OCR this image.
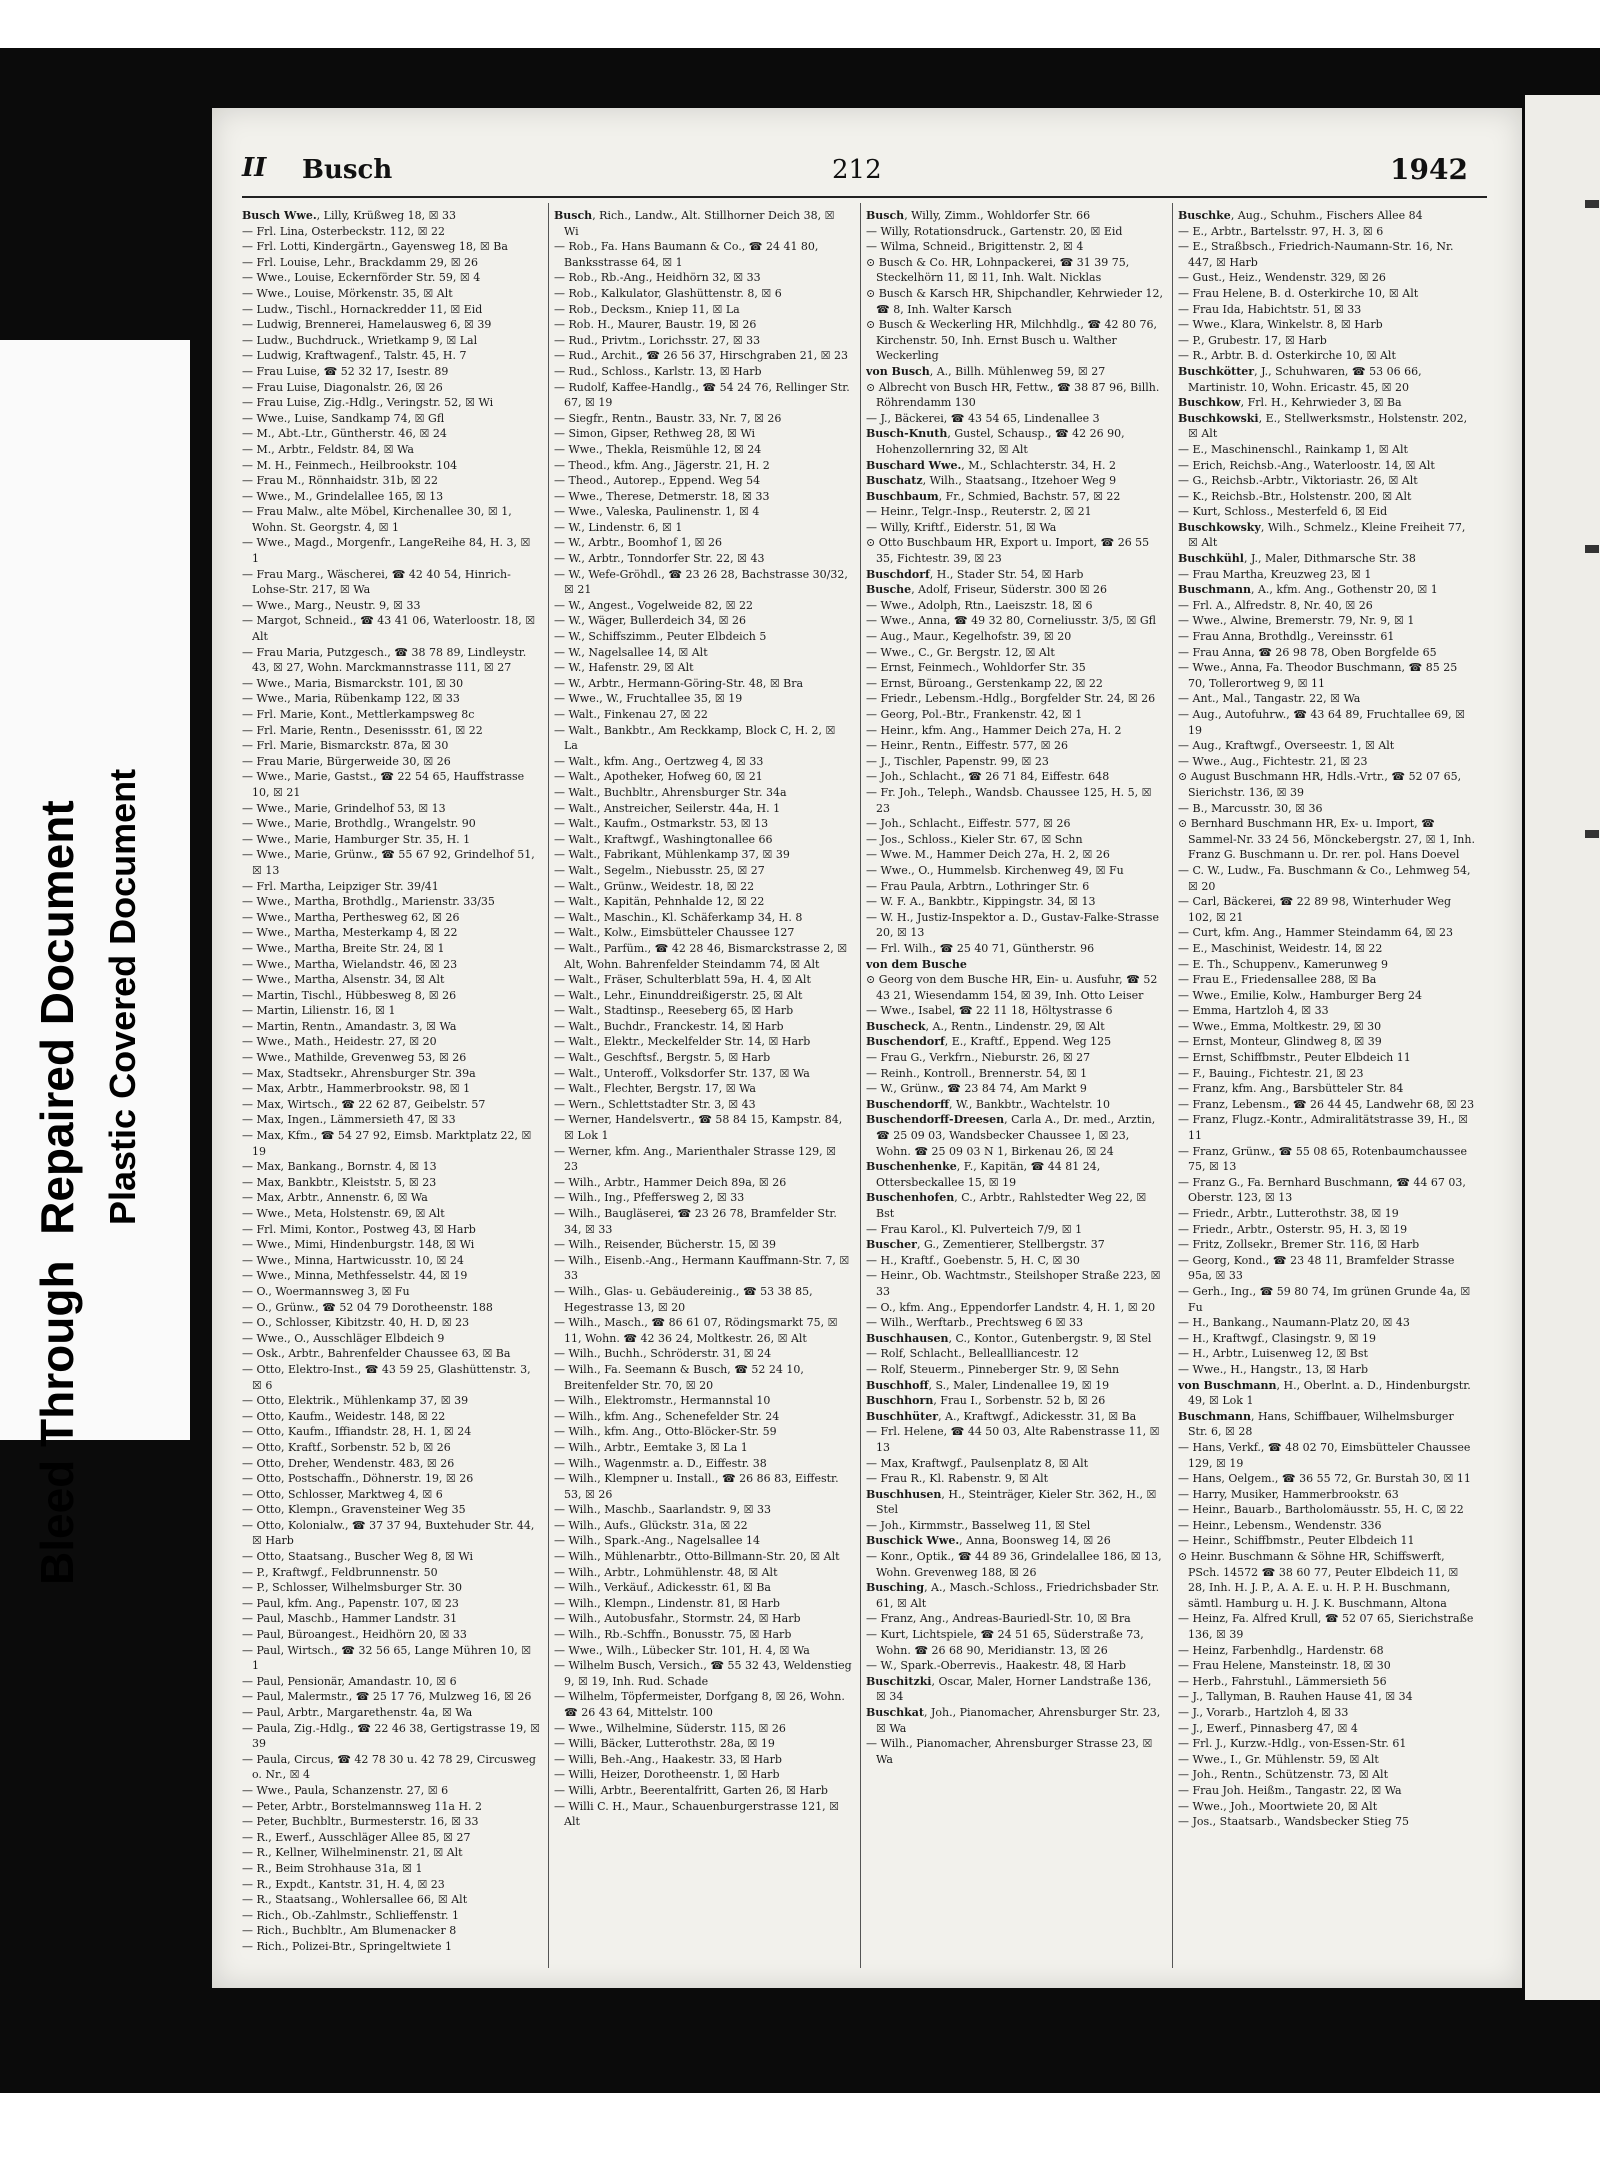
Bleed Through  Repaired Document Plastic Covered Document
II Busch	212	1942

Busch Wwe., Lilly, Krüßweg 18, ☒ 33

— Frl. Lina, Osterbeckstr. 112, ☒ 22

— Frl. Lotti, Kindergärtn., Gayensweg 18, ☒ Ba

— Frl. Louise, Lehr., Brackdamm 29, ☒ 26

— Wwe., Louise, Eckernförder Str. 59, ☒ 4

— Wwe., Louise, Mörkenstr. 35, ☒ Alt

— Ludw., Tischl., Hornackredder 11, ☒ Eid

— Ludwig, Brennerei, Hamelausweg 6, ☒ 39

— Ludw., Buchdruck., Wrietkamp 9, ☒ Lal

— Ludwig, Kraftwagenf., Talstr. 45, H. 7

— Frau Luise, ☎ 52 32 17, Isestr. 89

— Frau Luise, Diagonalstr. 26, ☒ 26

— Frau Luise, Zig.-Hdlg., Veringstr. 52, ☒ Wi

— Wwe., Luise, Sandkamp 74, ☒ Gfl

— M., Abt.-Ltr., Güntherstr. 46, ☒ 24

— M., Arbtr., Feldstr. 84, ☒ Wa

— M. H., Feinmech., Heilbrookstr. 104

— Frau M., Rönnhaidstr. 31b, ☒ 22

— Wwe., M., Grindelallee 165, ☒ 13

— Frau Malw., alte Möbel, Kirchenallee 30, ☒ 1, Wohn. St. Georgstr. 4, ☒ 1

— Wwe., Magd., Morgenfr., LangeReihe 84, H. 3, ☒ 1

— Frau Marg., Wäscherei, ☎ 42 40 54, Hinrich-Lohse-Str. 217, ☒ Wa

— Wwe., Marg., Neustr. 9, ☒ 33

— Margot, Schneid., ☎ 43 41 06, Waterloostr. 18, ☒ Alt

— Frau Maria, Putzgesch., ☎ 38 78 89, Lindleystr. 43, ☒ 27, Wohn. Marckmannstrasse 111, ☒ 27

— Wwe., Maria, Bismarckstr. 101, ☒ 30

— Wwe., Maria, Rübenkamp 122, ☒ 33

— Frl. Marie, Kont., Mettlerkampsweg 8c

— Frl. Marie, Rentn., Desenissstr. 61, ☒ 22

— Frl. Marie, Bismarckstr. 87a, ☒ 30

— Frau Marie, Bürgerweide 30, ☒ 26

— Wwe., Marie, Gastst., ☎ 22 54 65, Hauffstrasse 10, ☒ 21

— Wwe., Marie, Grindelhof 53, ☒ 13

— Wwe., Marie, Brothdlg., Wrangelstr. 90

— Wwe., Marie, Hamburger Str. 35, H. 1

— Wwe., Marie, Grünw., ☎ 55 67 92, Grindelhof 51, ☒ 13

— Frl. Martha, Leipziger Str. 39/41

— Wwe., Martha, Brothdlg., Marienstr. 33/35

— Wwe., Martha, Perthesweg 62, ☒ 26

— Wwe., Martha, Mesterkamp 4, ☒ 22

— Wwe., Martha, Breite Str. 24, ☒ 1

— Wwe., Martha, Wielandstr. 46, ☒ 23

— Wwe., Martha, Alsenstr. 34, ☒ Alt

— Martin, Tischl., Hübbesweg 8, ☒ 26

— Martin, Lilienstr. 16, ☒ 1

— Martin, Rentn., Amandastr. 3, ☒ Wa

— Wwe., Math., Heidestr. 27, ☒ 20

— Wwe., Mathilde, Grevenweg 53, ☒ 26

— Max, Stadtsekr., Ahrensburger Str. 39a

— Max, Arbtr., Hammerbrookstr. 98, ☒ 1

— Max, Wirtsch., ☎ 22 62 87, Geibelstr. 57

— Max, Ingen., Lämmersieth 47, ☒ 33

— Max, Kfm., ☎ 54 27 92, Eimsb. Marktplatz 22, ☒ 19

— Max, Bankang., Bornstr. 4, ☒ 13

— Max, Bankbtr., Kleiststr. 5, ☒ 23

— Max, Arbtr., Annenstr. 6, ☒ Wa

— Wwe., Meta, Holstenstr. 69, ☒ Alt

— Frl. Mimi, Kontor., Postweg 43, ☒ Harb

— Wwe., Mimi, Hindenburgstr. 148, ☒ Wi

— Wwe., Minna, Hartwicusstr. 10, ☒ 24

— Wwe., Minna, Methfesselstr. 44, ☒ 19

— O., Woermannsweg 3, ☒ Fu

— O., Grünw., ☎ 52 04 79 Dorotheenstr. 188

— O., Schlosser, Kibitzstr. 40, H. D, ☒ 23

— Wwe., O., Ausschläger Elbdeich 9

— Osk., Arbtr., Bahrenfelder Chaussee 63, ☒ Ba

— Otto, Elektro-Inst., ☎ 43 59 25, Glashüttenstr. 3, ☒ 6

— Otto, Elektrik., Mühlenkamp 37, ☒ 39

— Otto, Kaufm., Weidestr. 148, ☒ 22

— Otto, Kaufm., Iffiandstr. 28, H. 1, ☒ 24

— Otto, Kraftf., Sorbenstr. 52 b, ☒ 26

— Otto, Dreher, Wendenstr. 483, ☒ 26

— Otto, Postschaffn., Döhnerstr. 19, ☒ 26

— Otto, Schlosser, Marktweg 4, ☒ 6

— Otto, Klempn., Gravensteiner Weg 35

— Otto, Kolonialw., ☎ 37 37 94, Buxtehuder Str. 44, ☒ Harb

— Otto, Staatsang., Buscher Weg 8, ☒ Wi

— P., Kraftwgf., Feldbrunnenstr. 50

— P., Schlosser, Wilhelmsburger Str. 30

— Paul, kfm. Ang., Papenstr. 107, ☒ 23

— Paul, Maschb., Hammer Landstr. 31

— Paul, Büroangest., Heidhörn 20, ☒ 33

— Paul, Wirtsch., ☎ 32 56 65, Lange Mühren 10, ☒ 1

— Paul, Pensionär, Amandastr. 10, ☒ 6

— Paul, Malermstr., ☎ 25 17 76, Mulzweg 16, ☒ 26

— Paul, Arbtr., Margarethenstr. 4a, ☒ Wa

— Paula, Zig.-Hdlg., ☎ 22 46 38, Gertigstrasse 19, ☒ 39

— Paula, Circus, ☎ 42 78 30 u. 42 78 29, Circusweg o. Nr., ☒ 4

— Wwe., Paula, Schanzenstr. 27, ☒ 6

— Peter, Arbtr., Borstelmannsweg 11a H. 2

— Peter, Buchbltr., Burmesterstr. 16, ☒ 33

— R., Ewerf., Ausschläger Allee 85, ☒ 27

— R., Kellner, Wilhelminenstr. 21, ☒ Alt

— R., Beim Strohhause 31a, ☒ 1

— R., Expdt., Kantstr. 31, H. 4, ☒ 23

— R., Staatsang., Wohlersallee 66, ☒ Alt

— Rich., Ob.-Zahlmstr., Schlieffenstr. 1

— Rich., Buchbltr., Am Blumenacker 8

— Rich., Polizei-Btr., Springeltwiete 1

Busch, Rich., Landw., Alt. Stillhorner Deich 38, ☒ Wi

— Rob., Fa. Hans Baumann & Co., ☎ 24 41 80, Banksstrasse 64, ☒ 1

— Rob., Rb.-Ang., Heidhörn 32, ☒ 33

— Rob., Kalkulator, Glashüttenstr. 8, ☒ 6

— Rob., Decksm., Kniep 11, ☒ La

— Rob. H., Maurer, Baustr. 19, ☒ 26

— Rud., Privtm., Lorichsstr. 27, ☒ 33

— Rud., Archit., ☎ 26 56 37, Hirschgraben 21, ☒ 23

— Rud., Schloss., Karlstr. 13, ☒ Harb

— Rudolf, Kaffee-Handlg., ☎ 54 24 76, Rellinger Str. 67, ☒ 19

— Siegfr., Rentn., Baustr. 33, Nr. 7, ☒ 26

— Simon, Gipser, Rethweg 28, ☒ Wi

— Wwe., Thekla, Reismühle 12, ☒ 24

— Theod., kfm. Ang., Jägerstr. 21, H. 2

— Theod., Autorep., Eppend. Weg 54

— Wwe., Therese, Detmerstr. 18, ☒ 33

— Wwe., Valeska, Paulinenstr. 1, ☒ 4

— W., Lindenstr. 6, ☒ 1

— W., Arbtr., Boomhof 1, ☒ 26

— W., Arbtr., Tonndorfer Str. 22, ☒ 43

— W., Wefe-Gröhdl., ☎ 23 26 28, Bachstrasse 30/32, ☒ 21

— W., Angest., Vogelweide 82, ☒ 22

— W., Wäger, Bullerdeich 34, ☒ 26

— W., Schiffszimm., Peuter Elbdeich 5

— W., Nagelsallee 14, ☒ Alt

— W., Hafenstr. 29, ☒ Alt

— W., Arbtr., Hermann-Göring-Str. 48, ☒ Bra

— Wwe., W., Fruchtallee 35, ☒ 19

— Walt., Finkenau 27, ☒ 22

— Walt., Bankbtr., Am Reckkamp, Block C, H. 2, ☒ La

— Walt., kfm. Ang., Oertzweg 4, ☒ 33

— Walt., Apotheker, Hofweg 60, ☒ 21

— Walt., Buchbltr., Ahrensburger Str. 34a

— Walt., Anstreicher, Seilerstr. 44a, H. 1

— Walt., Kaufm., Ostmarkstr. 53, ☒ 13

— Walt., Kraftwgf., Washingtonallee 66

— Walt., Fabrikant, Mühlenkamp 37, ☒ 39

— Walt., Segelm., Niebusstr. 25, ☒ 27

— Walt., Grünw., Weidestr. 18, ☒ 22

— Walt., Kapitän, Pehnhalde 12, ☒ 22

— Walt., Maschin., Kl. Schäferkamp 34, H. 8

— Walt., Kolw., Eimsbütteler Chaussee 127

— Walt., Parfüm., ☎ 42 28 46, Bismarckstrasse 2, ☒ Alt, Wohn. Bahrenfelder Steindamm 74, ☒ Alt

— Walt., Fräser, Schulterblatt 59a, H. 4, ☒ Alt

— Walt., Lehr., Einunddreißigerstr. 25, ☒ Alt

— Walt., Stadtinsp., Reeseberg 65, ☒ Harb

— Walt., Buchdr., Franckestr. 14, ☒ Harb

— Walt., Elektr., Meckelfelder Str. 14, ☒ Harb

— Walt., Geschftsf., Bergstr. 5, ☒ Harb

— Walt., Unteroff., Volksdorfer Str. 137, ☒ Wa

— Walt., Flechter, Bergstr. 17, ☒ Wa

— Wern., Schlettstadter Str. 3, ☒ 43

— Werner, Handelsvertr., ☎ 58 84 15, Kampstr. 84, ☒ Lok 1

— Werner, kfm. Ang., Marienthaler Strasse 129, ☒ 23

— Wilh., Arbtr., Hammer Deich 89a, ☒ 26

— Wilh., Ing., Pfeffersweg 2, ☒ 33

— Wilh., Baugläserei, ☎ 23 26 78, Bramfelder Str. 34, ☒ 33

— Wilh., Reisender, Bücherstr. 15, ☒ 39

— Wilh., Eisenb.-Ang., Hermann Kauffmann-Str. 7, ☒ 33

— Wilh., Glas- u. Gebäudereinig., ☎ 53 38 85, Hegestrasse 13, ☒ 20

— Wilh., Masch., ☎ 86 61 07, Rödingsmarkt 75, ☒ 11, Wohn. ☎ 42 36 24, Moltkestr. 26, ☒ Alt

— Wilh., Buchh., Schröderstr. 31, ☒ 24

— Wilh., Fa. Seemann & Busch, ☎ 52 24 10, Breitenfelder Str. 70, ☒ 20

— Wilh., Elektromstr., Hermannstal 10

— Wilh., kfm. Ang., Schenefelder Str. 24

— Wilh., kfm. Ang., Otto-Blöcker-Str. 59

— Wilh., Arbtr., Eemtake 3, ☒ La 1

— Wilh., Wagenmstr. a. D., Eiffestr. 38

— Wilh., Klempner u. Install., ☎ 26 86 83, Eiffestr. 53, ☒ 26

— Wilh., Maschb., Saarlandstr. 9, ☒ 33

— Wilh., Aufs., Glückstr. 31a, ☒ 22

— Wilh., Spark.-Ang., Nagelsallee 14

— Wilh., Mühlenarbtr., Otto-Billmann-Str. 20, ☒ Alt

— Wilh., Arbtr., Lohmühlenstr. 48, ☒ Alt

— Wilh., Verkäuf., Adickesstr. 61, ☒ Ba

— Wilh., Klempn., Lindenstr. 81, ☒ Harb

— Wilh., Autobusfahr., Stormstr. 24, ☒ Harb

— Wilh., Rb.-Schffn., Bonusstr. 75, ☒ Harb

— Wwe., Wilh., Lübecker Str. 101, H. 4, ☒ Wa

— Wilhelm Busch, Versich., ☎ 55 32 43, Weldenstieg 9, ☒ 19, Inh. Rud. Schade

— Wilhelm, Töpfermeister, Dorfgang 8, ☒ 26, Wohn. ☎ 26 43 64, Mittelstr. 100

— Wwe., Wilhelmine, Süderstr. 115, ☒ 26

— Willi, Bäcker, Lutterothstr. 28a, ☒ 19

— Willi, Beh.-Ang., Haakestr. 33, ☒ Harb

— Willi, Heizer, Dorotheenstr. 1, ☒ Harb

— Willi, Arbtr., Beerentalfritt, Garten 26, ☒ Harb

— Willi C. H., Maur., Schauenburgerstrasse 121, ☒ Alt

Busch, Willy, Zimm., Wohldorfer Str. 66

— Willy, Rotationsdruck., Gartenstr. 20, ☒ Eid

— Wilma, Schneid., Brigittenstr. 2, ☒ 4

⊙ Busch & Co. HR, Lohnpackerei, ☎ 31 39 75, Steckelhörn 11, ☒ 11, Inh. Walt. Nicklas

⊙ Busch & Karsch HR, Shipchandler, Kehrwieder 12, ☎ 8, Inh. Walter Karsch

⊙ Busch & Weckerling HR, Milchhdlg., ☎ 42 80 76, Kirchenstr. 50, Inh. Ernst Busch u. Walther Weckerling

von Busch, A., Billh. Mühlenweg 59, ☒ 27

⊙ Albrecht von Busch HR, Fettw., ☎ 38 87 96, Billh. Röhrendamm 130

— J., Bäckerei, ☎ 43 54 65, Lindenallee 3

Busch-Knuth, Gustel, Schausp., ☎ 42 26 90, Hohenzollernring 32, ☒ Alt

Buschard Wwe., M., Schlachterstr. 34, H. 2

Buschatz, Wilh., Staatsang., Itzehoer Weg 9

Buschbaum, Fr., Schmied, Bachstr. 57, ☒ 22

— Heinr., Telgr.-Insp., Reuterstr. 2, ☒ 21

— Willy, Kriftf., Eiderstr. 51, ☒ Wa

⊙ Otto Buschbaum HR, Export u. Import, ☎ 26 55 35, Fichtestr. 39, ☒ 23

Buschdorf, H., Stader Str. 54, ☒ Harb

Busche, Adolf, Friseur, Süderstr. 300 ☒ 26

— Wwe., Adolph, Rtn., Laeiszstr. 18, ☒ 6

— Wwe., Anna, ☎ 49 32 80, Corneliusstr. 3/5, ☒ Gfl

— Aug., Maur., Kegelhofstr. 39, ☒ 20

— Wwe., C., Gr. Bergstr. 12, ☒ Alt

— Ernst, Feinmech., Wohldorfer Str. 35

— Ernst, Büroang., Gerstenkamp 22, ☒ 22

— Friedr., Lebensm.-Hdlg., Borgfelder Str. 24, ☒ 26

— Georg, Pol.-Btr., Frankenstr. 42, ☒ 1

— Heinr., kfm. Ang., Hammer Deich 27a, H. 2

— Heinr., Rentn., Eiffestr. 577, ☒ 26

— J., Tischler, Papenstr. 99, ☒ 23

— Joh., Schlacht., ☎ 26 71 84, Eiffestr. 648

— Fr. Joh., Teleph., Wandsb. Chaussee 125, H. 5, ☒ 23

— Joh., Schlacht., Eiffestr. 577, ☒ 26

— Jos., Schloss., Kieler Str. 67, ☒ Schn

— Wwe. M., Hammer Deich 27a, H. 2, ☒ 26

— Wwe., O., Hummelsb. Kirchenweg 49, ☒ Fu

— Frau Paula, Arbtrn., Lothringer Str. 6

— W. F. A., Bankbtr., Kippingstr. 34, ☒ 13

— W. H., Justiz-Inspektor a. D., Gustav-Falke-Strasse 20, ☒ 13

— Frl. Wilh., ☎ 25 40 71, Güntherstr. 96

von dem Busche

⊙ Georg von dem Busche HR, Ein- u. Ausfuhr, ☎ 52 43 21, Wiesendamm 154, ☒ 39, Inh. Otto Leiser

— Wwe., Isabel, ☎ 22 11 18, Höltystrasse 6

Buscheck, A., Rentn., Lindenstr. 29, ☒ Alt

Buschendorf, E., Kraftf., Eppend. Weg 125

— Frau G., Verkfrn., Nieburstr. 26, ☒ 27

— Reinh., Kontroll., Brennerstr. 54, ☒ 1

— W., Grünw., ☎ 23 84 74, Am Markt 9

Buschendorff, W., Bankbtr., Wachtelstr. 10

Buschendorff-Dreesen, Carla A., Dr. med., Arztin, ☎ 25 09 03, Wandsbecker Chaussee 1, ☒ 23, Wohn. ☎ 25 09 03 N 1, Birkenau 26, ☒ 24

Buschenhenke, F., Kapitän, ☎ 44 81 24, Ottersbeckallee 15, ☒ 19

Buschenhofen, C., Arbtr., Rahlstedter Weg 22, ☒ Bst

— Frau Karol., Kl. Pulverteich 7/9, ☒ 1

Buscher, G., Zementierer, Stellbergstr. 37

— H., Kraftf., Goebenstr. 5, H. C, ☒ 30

— Heinr., Ob. Wachtmstr., Steilshoper Straße 223, ☒ 33

— O., kfm. Ang., Eppendorfer Landstr. 4, H. 1, ☒ 20

— Wilh., Werftarb., Prechtsweg 6 ☒ 33

Buschhausen, C., Kontor., Gutenbergstr. 9, ☒ Stel

— Rolf, Schlacht., Belleallliancestr. 12

— Rolf, Steuerm., Pinneberger Str. 9, ☒ Sehn

Buschhoff, S., Maler, Lindenallee 19, ☒ 19

Buschhorn, Frau I., Sorbenstr. 52 b, ☒ 26

Buschhüter, A., Kraftwgf., Adickesstr. 31, ☒ Ba

— Frl. Helene, ☎ 44 50 03, Alte Rabenstrasse 11, ☒ 13

— Max, Kraftwgf., Paulsenplatz 8, ☒ Alt

— Frau R., Kl. Rabenstr. 9, ☒ Alt

Buschhusen, H., Steinträger, Kieler Str. 362, H., ☒ Stel

— Joh., Kirmmstr., Basselweg 11, ☒ Stel

Buschick Wwe., Anna, Boonsweg 14, ☒ 26

— Konr., Optik., ☎ 44 89 36, Grindelallee 186, ☒ 13, Wohn. Grevenweg 188, ☒ 26

Busching, A., Masch.-Schloss., Friedrichsbader Str. 61, ☒ Alt

— Franz, Ang., Andreas-Bauriedl-Str. 10, ☒ Bra

— Kurt, Lichtspiele, ☎ 24 51 65, Süderstraße 73, Wohn. ☎ 26 68 90, Meridianstr. 13, ☒ 26

— W., Spark.-Oberrevis., Haakestr. 48, ☒ Harb

Buschitzki, Oscar, Maler, Horner Landstraße 136, ☒ 34

Buschkat, Joh., Pianomacher, Ahrensburger Str. 23, ☒ Wa

— Wilh., Pianomacher, Ahrensburger Strasse 23, ☒ Wa

Buschke, Aug., Schuhm., Fischers Allee 84

— E., Arbtr., Bartelsstr. 97, H. 3, ☒ 6

— E., Straßbsch., Friedrich-Naumann-Str. 16, Nr. 447, ☒ Harb

— Gust., Heiz., Wendenstr. 329, ☒ 26

— Frau Helene, B. d. Osterkirche 10, ☒ Alt

— Frau Ida, Habichtstr. 51, ☒ 33

— Wwe., Klara, Winkelstr. 8, ☒ Harb

— P., Grubestr. 17, ☒ Harb

— R., Arbtr. B. d. Osterkirche 10, ☒ Alt

Buschkötter, J., Schuhwaren, ☎ 53 06 66, Martinistr. 10, Wohn. Ericastr. 45, ☒ 20

Buschkow, Frl. H., Kehrwieder 3, ☒ Ba

Buschkowski, E., Stellwerksmstr., Holstenstr. 202, ☒ Alt

— E., Maschinenschl., Rainkamp 1, ☒ Alt

— Erich, Reichsb.-Ang., Waterloostr. 14, ☒ Alt

— G., Reichsb.-Arbtr., Viktoriastr. 26, ☒ Alt

— K., Reichsb.-Btr., Holstenstr. 200, ☒ Alt

— Kurt, Schloss., Mesterfeld 6, ☒ Eid

Buschkowsky, Wilh., Schmelz., Kleine Freiheit 77, ☒ Alt

Buschkühl, J., Maler, Dithmarsche Str. 38

— Frau Martha, Kreuzweg 23, ☒ 1

Buschmann, A., kfm. Ang., Gothenstr 20, ☒ 1

— Frl. A., Alfredstr. 8, Nr. 40, ☒ 26

— Wwe., Alwine, Bremerstr. 79, Nr. 9, ☒ 1

— Frau Anna, Brothdlg., Vereinsstr. 61

— Frau Anna, ☎ 26 98 78, Oben Borgfelde 65

— Wwe., Anna, Fa. Theodor Buschmann, ☎ 85 25 70, Tollerortweg 9, ☒ 11

— Ant., Mal., Tangastr. 22, ☒ Wa

— Aug., Autofuhrw., ☎ 43 64 89, Fruchtallee 69, ☒ 19

— Aug., Kraftwgf., Overseestr. 1, ☒ Alt

— Wwe., Aug., Fichtestr. 21, ☒ 23

⊙ August Buschmann HR, Hdls.-Vrtr., ☎ 52 07 65, Sierichstr. 136, ☒ 39

— B., Marcusstr. 30, ☒ 36

⊙ Bernhard Buschmann HR, Ex- u. Import, ☎ Sammel-Nr. 33 24 56, Mönckebergstr. 27, ☒ 1, Inh. Franz G. Buschmann u. Dr. rer. pol. Hans Doevel

— C. W., Ludw., Fa. Buschmann & Co., Lehmweg 54, ☒ 20

— Carl, Bäckerei, ☎ 22 89 98, Winterhuder Weg 102, ☒ 21

— Curt, kfm. Ang., Hammer Steindamm 64, ☒ 23

— E., Maschinist, Weidestr. 14, ☒ 22

— E. Th., Schuppenv., Kamerunweg 9

— Frau E., Friedensallee 288, ☒ Ba

— Wwe., Emilie, Kolw., Hamburger Berg 24

— Emma, Hartzloh 4, ☒ 33

— Wwe., Emma, Moltkestr. 29, ☒ 30

— Ernst, Monteur, Glindweg 8, ☒ 39

— Ernst, Schiffbmstr., Peuter Elbdeich 11

— F., Bauing., Fichtestr. 21, ☒ 23

— Franz, kfm. Ang., Barsbütteler Str. 84

— Franz, Lebensm., ☎ 26 44 45, Landwehr 68, ☒ 23

— Franz, Flugz.-Kontr., Admiralitätstrasse 39, H., ☒ 11

— Franz, Grünw., ☎ 55 08 65, Rotenbaumchaussee 75, ☒ 13

— Franz G., Fa. Bernhard Buschmann, ☎ 44 67 03, Oberstr. 123, ☒ 13

— Friedr., Arbtr., Lutterothstr. 38, ☒ 19

— Friedr., Arbtr., Osterstr. 95, H. 3, ☒ 19

— Fritz, Zollsekr., Bremer Str. 116, ☒ Harb

— Georg, Kond., ☎ 23 48 11, Bramfelder Strasse 95a, ☒ 33

— Gerh., Ing., ☎ 59 80 74, Im grünen Grunde 4a, ☒ Fu

— H., Bankang., Naumann-Platz 20, ☒ 43

— H., Kraftwgf., Clasingstr. 9, ☒ 19

— H., Arbtr., Luisenweg 12, ☒ Bst

— Wwe., H., Hangstr., 13, ☒ Harb

von Buschmann, H., Oberlnt. a. D., Hindenburgstr. 49, ☒ Lok 1

Buschmann, Hans, Schiffbauer, Wilhelmsburger Str. 6, ☒ 28

— Hans, Verkf., ☎ 48 02 70, Eimsbütteler Chaussee 129, ☒ 19

— Hans, Oelgem., ☎ 36 55 72, Gr. Burstah 30, ☒ 11

— Harry, Musiker, Hammerbrookstr. 63

— Heinr., Bauarb., Bartholomäusstr. 55, H. C, ☒ 22

— Heinr., Lebensm., Wendenstr. 336

— Heinr., Schiffbmstr., Peuter Elbdeich 11

⊙ Heinr. Buschmann & Söhne HR, Schiffswerft, PSch. 14572 ☎ 38 60 77, Peuter Elbdeich 11, ☒ 28, Inh. H. J. P., A. A. E. u. H. P. H. Buschmann, sämtl. Hamburg u. H. J. K. Buschmann, Altona

— Heinz, Fa. Alfred Krull, ☎ 52 07 65, Sierichstraße 136, ☒ 39

— Heinz, Farbenhdlg., Hardenstr. 68

— Frau Helene, Mansteinstr. 18, ☒ 30

— Herb., Fahrstuhl., Lämmersieth 56

— J., Tallyman, B. Rauhen Hause 41, ☒ 34

— J., Vorarb., Hartzloh 4, ☒ 33

— J., Ewerf., Pinnasberg 47, ☒ 4

— Frl. J., Kurzw.-Hdlg., von-Essen-Str. 61

— Wwe., I., Gr. Mühlenstr. 59, ☒ Alt

— Joh., Rentn., Schützenstr. 73, ☒ Alt

— Frau Joh. Heißm., Tangastr. 22, ☒ Wa

— Wwe., Joh., Moortwiete 20, ☒ Alt

— Jos., Staatsarb., Wandsbecker Stieg 75
